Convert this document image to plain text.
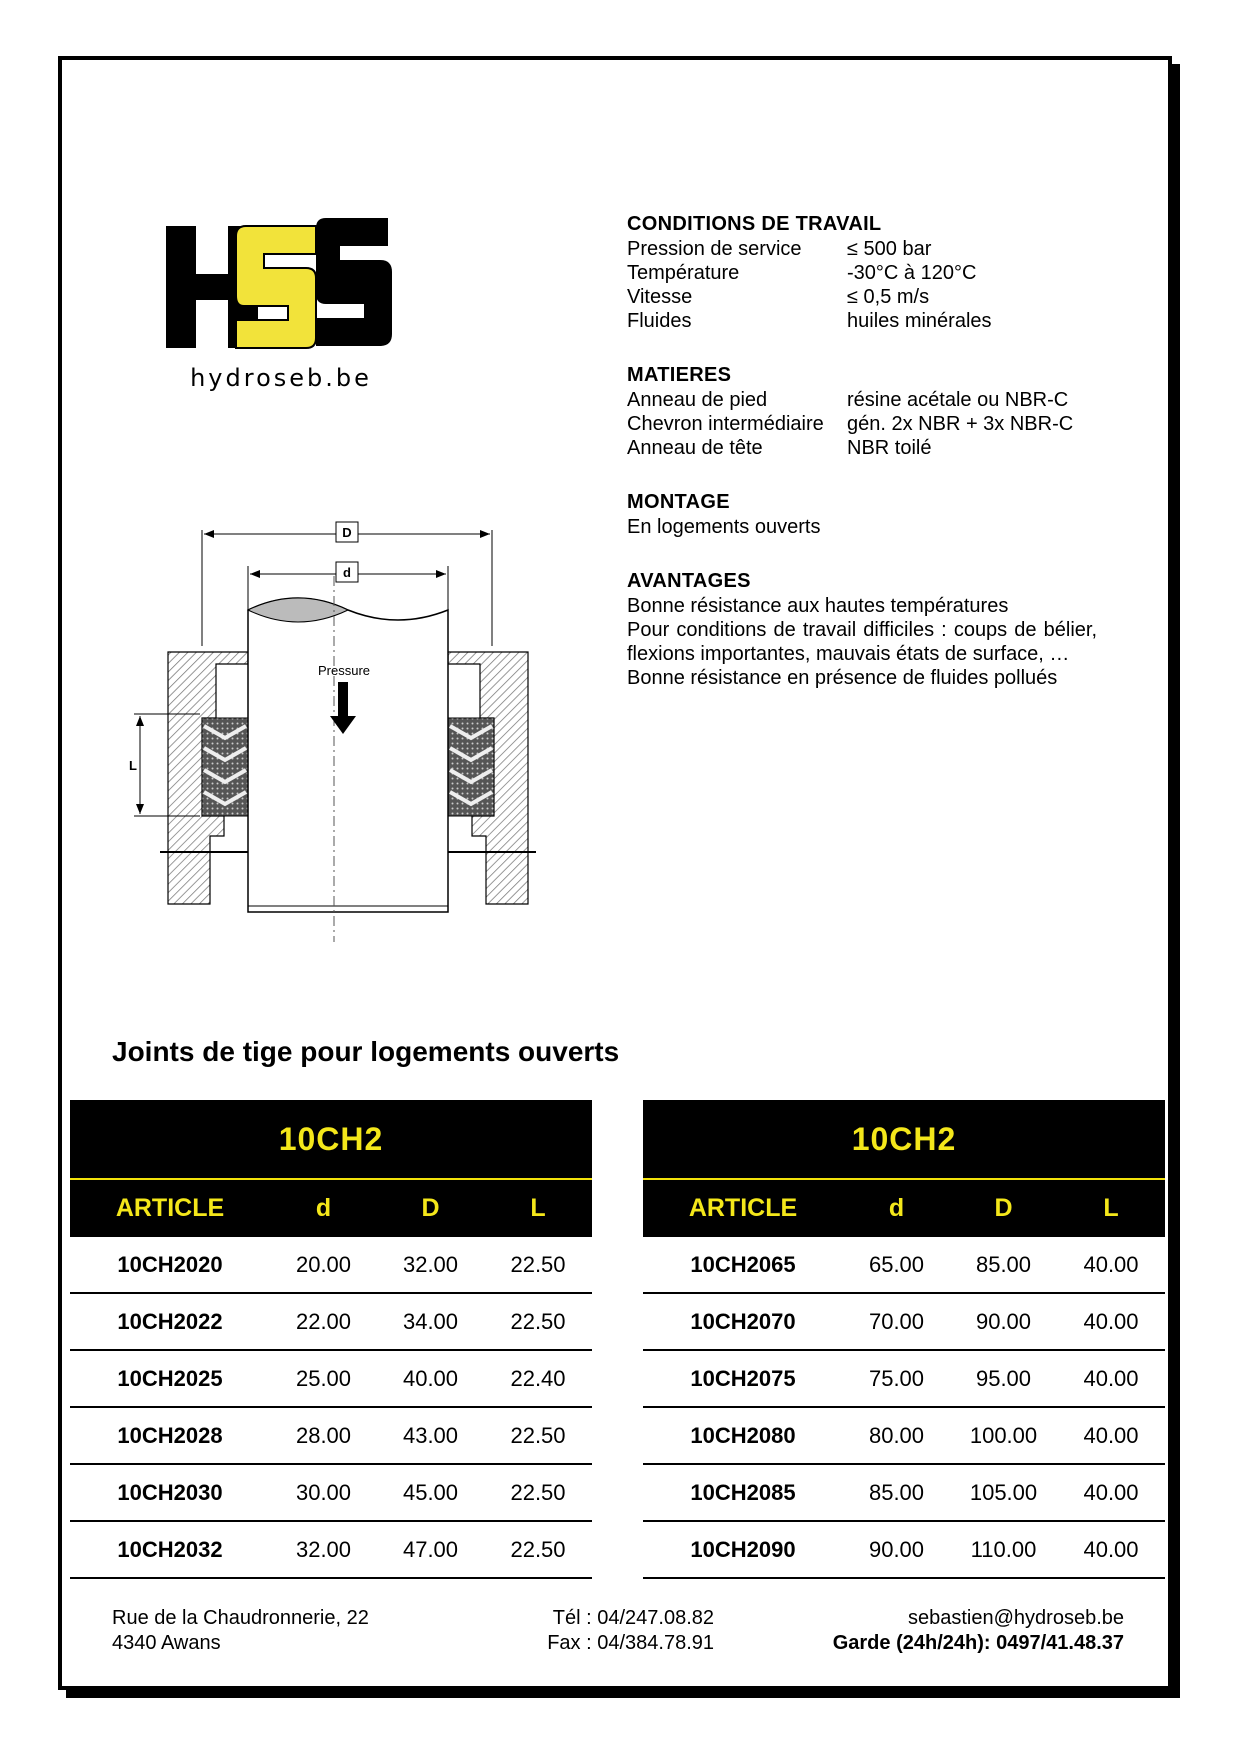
hydroseb.be
CONDITIONS DE TRAVAIL
Pression de service	≤ 500 bar
Température	-30°C à 120°C
Vitesse	≤ 0,5 m/s
Fluides	huiles minérales
MATIERES
Anneau de pied	résine acétale ou NBR-C
Chevron intermédiaire	gén. 2x NBR + 3x NBR-C
Anneau de tête	NBR toilé
MONTAGE
En logements ouverts
AVANTAGES
Bonne résistance aux hautes températures
Pour conditions de travail difficiles : coups de bélier, flexions importantes, mauvais états de surface, …
Bonne résistance en présence de fluides pollués
D
d
Pressure
L
Joints de tige pour logements ouverts
10CH2
ARTICLE	d	D	L
10CH2020	20.00	32.00	22.50
10CH2022	22.00	34.00	22.50
10CH2025	25.00	40.00	22.40
10CH2028	28.00	43.00	22.50
10CH2030	30.00	45.00	22.50
10CH2032	32.00	47.00	22.50
10CH2
ARTICLE	d	D	L
10CH2065	65.00	85.00	40.00
10CH2070	70.00	90.00	40.00
10CH2075	75.00	95.00	40.00
10CH2080	80.00	100.00	40.00
10CH2085	85.00	105.00	40.00
10CH2090	90.00	110.00	40.00
Rue de la Chaudronnerie, 22
4340 Awans
Tél : 04/247.08.82
Fax : 04/384.78.91
sebastien@hydroseb.be
Garde (24h/24h): 0497/41.48.37
